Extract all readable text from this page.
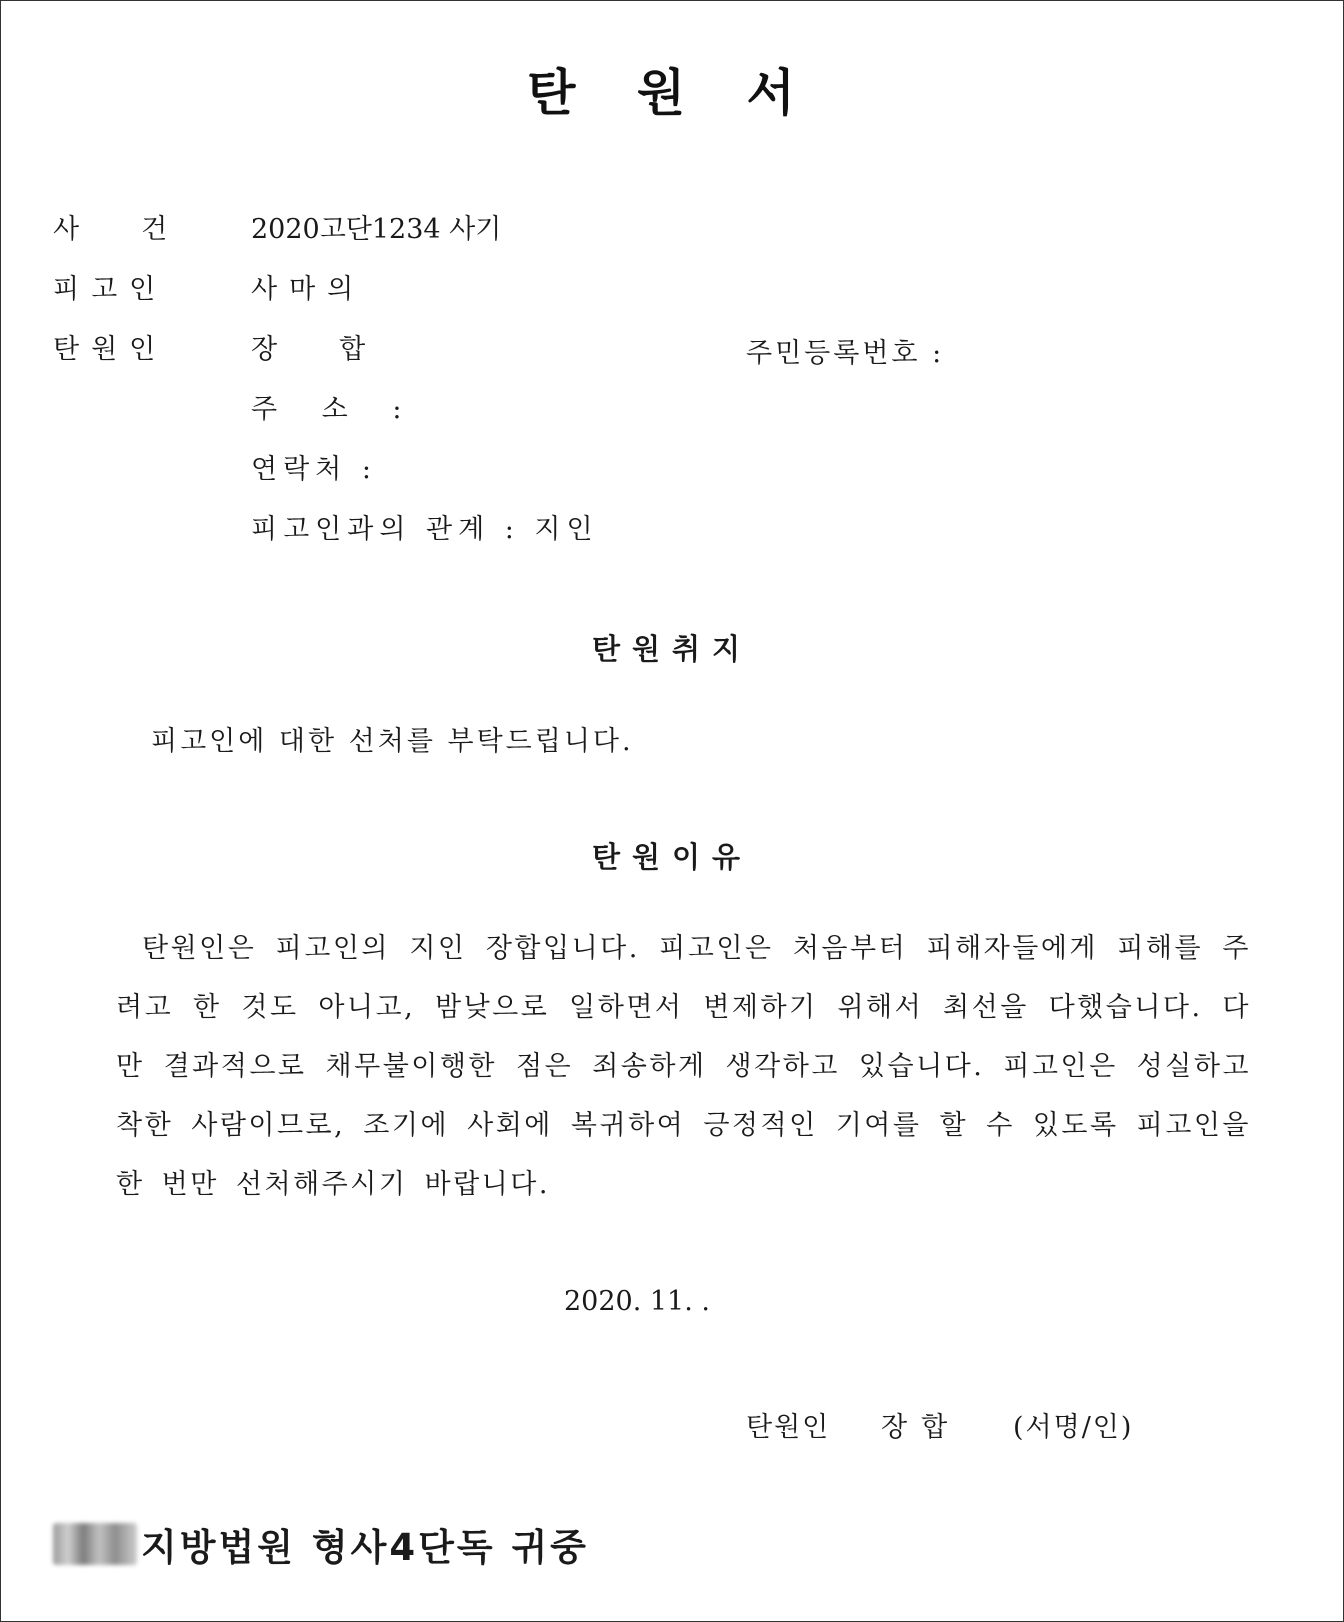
탄 원 서
사건 2020고단1234 사기
피고인	사마의
탄원인	장합	주민등록번호 :
주 소 :
연락처 :
피고인과의 관계 : 지인
탄원취지
피고인에 대한 선처를 부탁드립니다.
탄원이유
탄원인은 피고인의 지인 장합입니다. 피고인은 처음부터 피해자들에게 피해를 주려고 한 것도 아니고, 밤낮으로 일하면서 변제하기 위해서 최선을 다했습니다. 다만 결과적으로 채무불이행한 점은 죄송하게 생각하고 있습니다. 피고인은 성실하고 착한 사람이므로, 조기에 사회에 복귀하여 긍정적인 기여를 할 수 있도록 피고인을 한 번만 선처해주시기 바랍니다.
2020. 11. .
탄원인 장합 (서명/인)
지방법원 형사4단독 귀중
